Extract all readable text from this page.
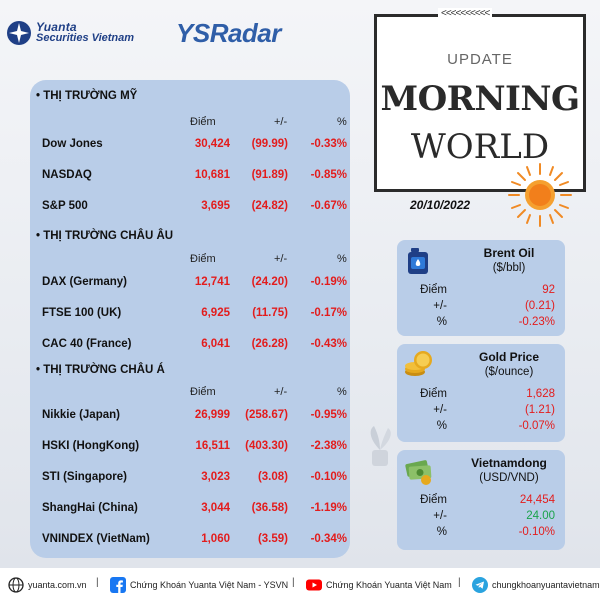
Yuanta
Securities Vietnam YSRadar
UPDATE
MORNING
WORLD
<<<<<<<<<<
20/10/2022
• THỊ TRƯỜNG MỸ
Điểm	+/-	%
Dow Jones	30,424	(99.99)	-0.33%
NASDAQ	10,681	(91.89)	-0.85%
S&P 500	3,695	(24.82)	-0.67%
• THỊ TRƯỜNG CHÂU ÂU
Điểm	+/-	%
DAX (Germany)	12,741	(24.20)	-0.19%
FTSE 100 (UK)	6,925	(11.75)	-0.17%
CAC 40 (France)	6,041	(26.28)	-0.43%
• THỊ TRƯỜNG CHÂU Á
Điểm	+/-	%
Nikkie (Japan)	26,999	(258.67)	-0.95%
HSKI (HongKong)	16,511	(403.30)	-2.38%
STI (Singapore)	3,023	(3.08)	-0.10%
ShangHai (China)	3,044	(36.58)	-1.19%
VNINDEX (VietNam)	1,060	(3.59)	-0.34%
Brent Oil
($/bbl)
Điểm	92
+/-	(0.21)
%	-0.23%
Gold Price
($/ounce)
Điểm	1,628
+/-	(1.21)
%	-0.07%
Vietnamdong
(USD/VND)
Điểm	24,454
+/-	24.00
%	-0.10%
yuanta.com.vn |	Chứng Khoán Yuanta Việt Nam - YSVN |	Chứng Khoán Yuanta Việt Nam |	chungkhoanyuantavietnam
